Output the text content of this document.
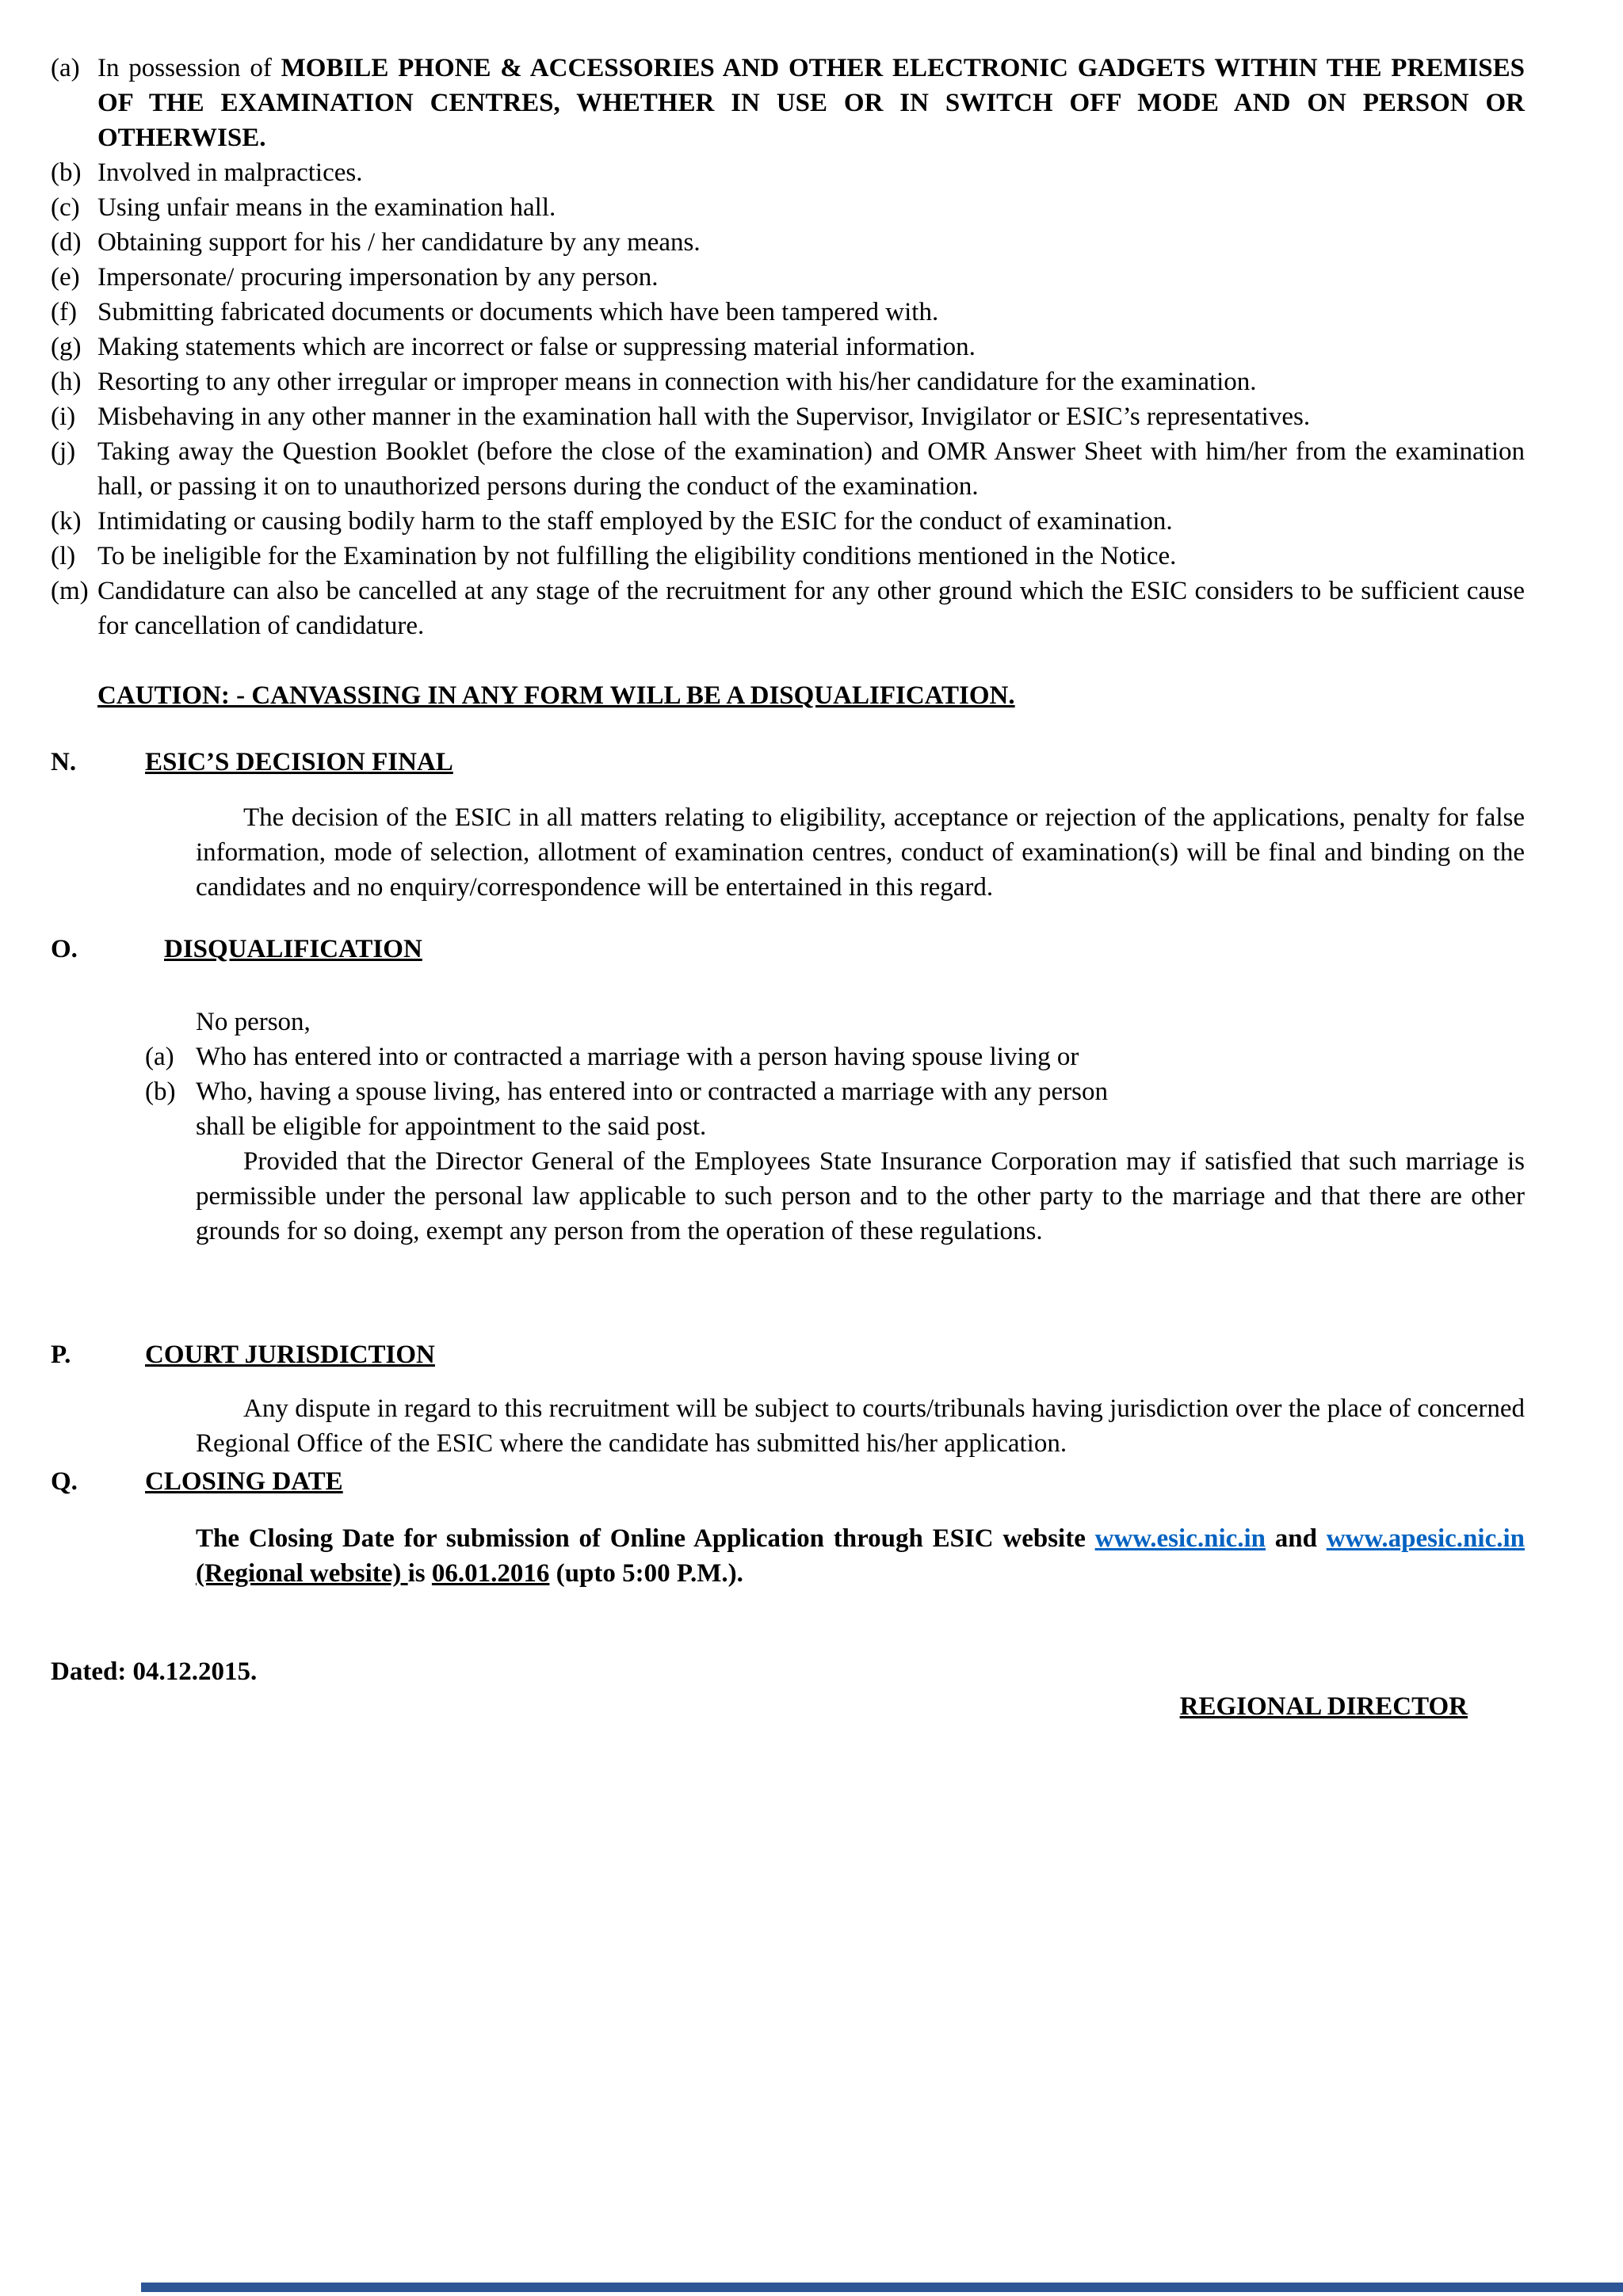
(a) In possession of MOBILE PHONE & ACCESSORIES AND OTHER ELECTRONIC GADGETS WITHIN THE PREMISES OF THE EXAMINATION CENTRES, WHETHER IN USE OR IN SWITCH OFF MODE AND ON PERSON OR OTHERWISE.
(b) Involved in malpractices.
(c) Using unfair means in the examination hall.
(d) Obtaining support for his / her candidature by any means.
(e) Impersonate/ procuring impersonation by any person.
(f) Submitting fabricated documents or documents which have been tampered with.
(g) Making statements which are incorrect or false or suppressing material information.
(h) Resorting to any other irregular or improper means in connection with his/her candidature for the examination.
(i) Misbehaving in any other manner in the examination hall with the Supervisor, Invigilator or ESIC’s representatives.
(j) Taking away the Question Booklet (before the close of the examination) and OMR Answer Sheet with him/her from the examination hall, or passing it on to unauthorized persons during the conduct of the examination.
(k) Intimidating or causing bodily harm to the staff employed by the ESIC for the conduct of examination.
(l) To be ineligible for the Examination by not fulfilling the eligibility conditions mentioned in the Notice.
(m) Candidature can also be cancelled at any stage of the recruitment for any other ground which the ESIC considers to be sufficient cause for cancellation of candidature.

CAUTION: - CANVASSING IN ANY FORM WILL BE A DISQUALIFICATION.

N.	ESIC’S DECISION FINAL

The decision of the ESIC in all matters relating to eligibility, acceptance or rejection of the applications, penalty for false information, mode of selection, allotment of examination centres, conduct of examination(s) will be final and binding on the candidates and no enquiry/correspondence will be entertained in this regard.

O.	DISQUALIFICATION

No person,

(a) Who has entered into or contracted a marriage with a person having spouse living or
(b) Who, having a spouse living, has entered into or contracted a marriage with any person

shall be eligible for appointment to the said post.

Provided that the Director General of the Employees State Insurance Corporation may if satisfied that such marriage is permissible under the personal law applicable to such person and to the other party to the marriage and that there are other grounds for so doing, exempt any person from the operation of these regulations.

P.	COURT JURISDICTION

Any dispute in regard to this recruitment will be subject to courts/tribunals having jurisdiction over the place of concerned Regional Office of the ESIC where the candidate has submitted his/her application.

Q.	CLOSING DATE

The Closing Date for submission of Online Application through ESIC website www.esic.nic.in and www.apesic.nic.in (Regional website) is 06.01.2016 (upto 5:00 P.M.).

Dated: 04.12.2015.

REGIONAL DIRECTOR
